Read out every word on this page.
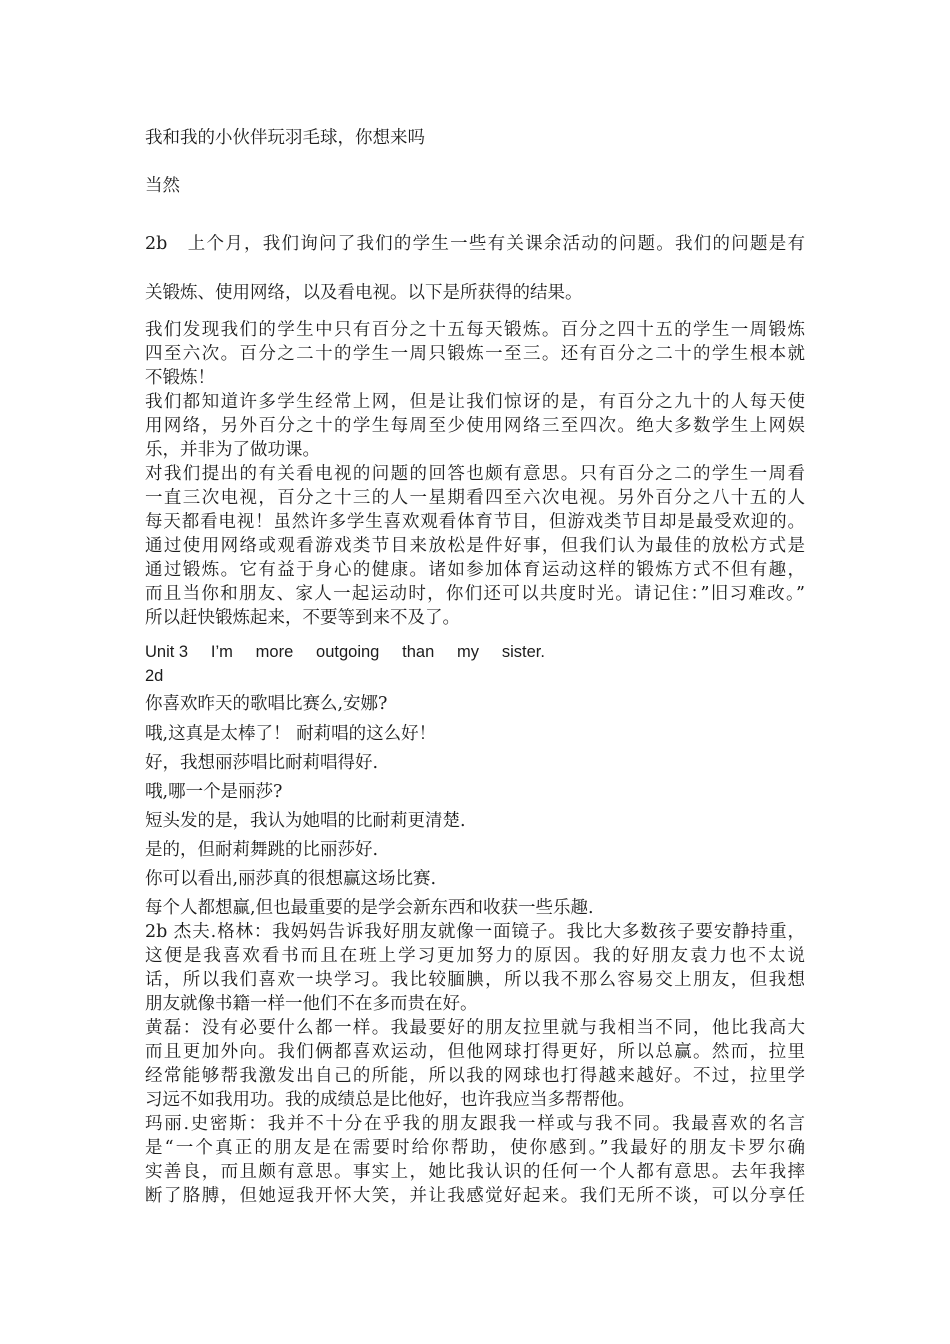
我和我的小伙伴玩羽毛球，你想来吗

当然

2b 上个月，我们询问了我们的学生一些有关课余活动的问题。我们的问题是有

关锻炼、使用网络，以及看电视。以下是所获得的结果。

我们发现我们的学生中只有百分之十五每天锻炼。百分之四十五的学生一周锻炼

四至六次。百分之二十的学生一周只锻炼一至三。还有百分之二十的学生根本就

不锻炼！

我们都知道许多学生经常上网，但是让我们惊讶的是，有百分之九十的人每天使

用网络，另外百分之十的学生每周至少使用网络三至四次。绝大多数学生上网娱

乐，并非为了做功课。

对我们提出的有关看电视的问题的回答也颇有意思。只有百分之二的学生一周看

一直三次电视，百分之十三的人一星期看四至六次电视。另外百分之八十五的人

每天都看电视！虽然许多学生喜欢观看体育节目，但游戏类节目却是最受欢迎的。

通过使用网络或观看游戏类节目来放松是件好事，但我们认为最佳的放松方式是

通过锻炼。它有益于身心的健康。诸如参加体育运动这样的锻炼方式不但有趣，

而且当你和朋友、家人一起运动时，你们还可以共度时光。请记住：”旧习难改。”

所以赶快锻炼起来，不要等到来不及了。

Unit 3 I’m more outgoing than my sister.

2d

你喜欢昨天的歌唱比赛么,安娜?

哦,这真是太棒了！ 耐莉唱的这么好！

好，我想丽莎唱比耐莉唱得好.

哦,哪一个是丽莎?

短头发的是，我认为她唱的比耐莉更清楚.

是的，但耐莉舞跳的比丽莎好.

你可以看出,丽莎真的很想赢这场比赛.

每个人都想赢,但也最重要的是学会新东西和收获一些乐趣.

2b 杰夫.格林：我妈妈告诉我好朋友就像一面镜子。我比大多数孩子要安静持重，

这便是我喜欢看书而且在班上学习更加努力的原因。我的好朋友袁力也不太说

话，所以我们喜欢一块学习。我比较腼腆，所以我不那么容易交上朋友，但我想

朋友就像书籍一样一他们不在多而贵在好。

黄磊：没有必要什么都一样。我最要好的朋友拉里就与我相当不同，他比我高大

而且更加外向。我们俩都喜欢运动，但他网球打得更好，所以总赢。然而，拉里

经常能够帮我激发出自己的所能，所以我的网球也打得越来越好。不过，拉里学

习远不如我用功。我的成绩总是比他好，也许我应当多帮帮他。

玛丽.史密斯：我并不十分在乎我的朋友跟我一样或与我不同。我最喜欢的名言

是“一个真正的朋友是在需要时给你帮助，使你感到。”我最好的朋友卡罗尔确

实善良，而且颇有意思。事实上，她比我认识的任何一个人都有意思。去年我摔

断了胳膊，但她逗我开怀大笑，并让我感觉好起来。我们无所不谈，可以分享任
